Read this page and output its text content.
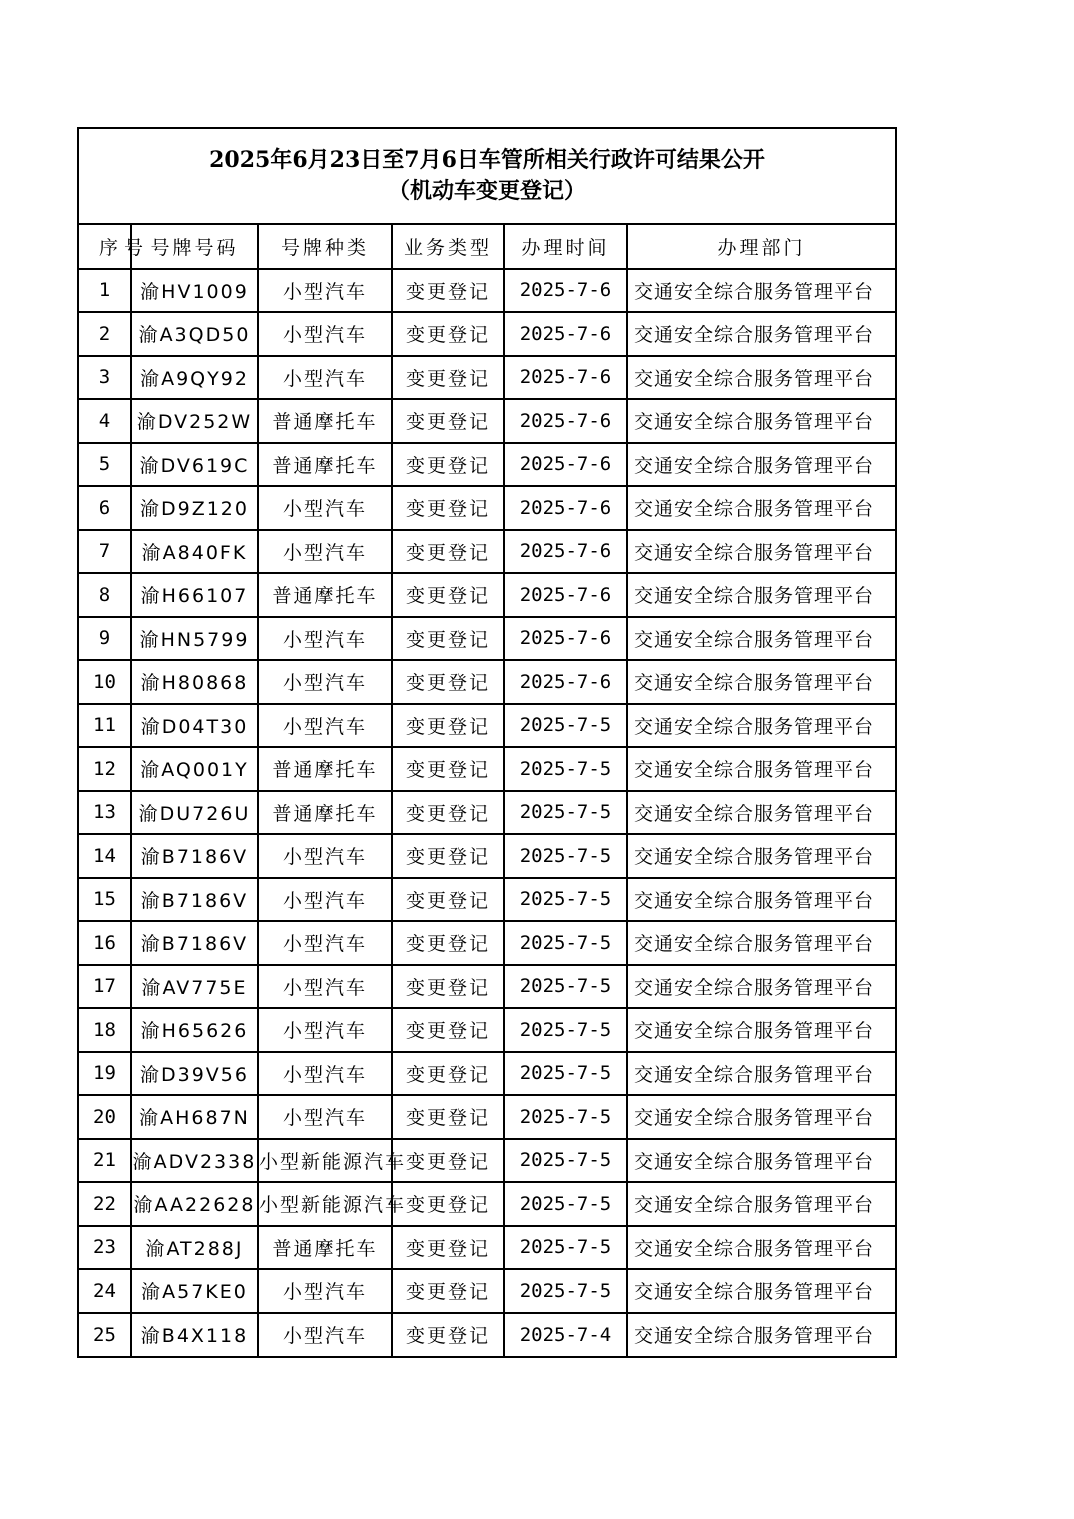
2025年6月23日至7月6日车管所相关行政许可结果公开
（机动车变更登记）
序号	号牌号码	号牌种类	业务类型	办理时间	办理部门
1	渝HV1009	小型汽车	变更登记	2025-7-6	交通安全综合服务管理平台
2	渝A3QD50	小型汽车	变更登记	2025-7-6	交通安全综合服务管理平台
3	渝A9QY92	小型汽车	变更登记	2025-7-6	交通安全综合服务管理平台
4	渝DV252W	普通摩托车	变更登记	2025-7-6	交通安全综合服务管理平台
5	渝DV619C	普通摩托车	变更登记	2025-7-6	交通安全综合服务管理平台
6	渝D9Z120	小型汽车	变更登记	2025-7-6	交通安全综合服务管理平台
7	渝A840FK	小型汽车	变更登记	2025-7-6	交通安全综合服务管理平台
8	渝H66107	普通摩托车	变更登记	2025-7-6	交通安全综合服务管理平台
9	渝HN5799	小型汽车	变更登记	2025-7-6	交通安全综合服务管理平台
10	渝H80868	小型汽车	变更登记	2025-7-6	交通安全综合服务管理平台
11	渝D04T30	小型汽车	变更登记	2025-7-5	交通安全综合服务管理平台
12	渝AQ001Y	普通摩托车	变更登记	2025-7-5	交通安全综合服务管理平台
13	渝DU726U	普通摩托车	变更登记	2025-7-5	交通安全综合服务管理平台
14	渝B7186V	小型汽车	变更登记	2025-7-5	交通安全综合服务管理平台
15	渝B7186V	小型汽车	变更登记	2025-7-5	交通安全综合服务管理平台
16	渝B7186V	小型汽车	变更登记	2025-7-5	交通安全综合服务管理平台
17	渝AV775E	小型汽车	变更登记	2025-7-5	交通安全综合服务管理平台
18	渝H65626	小型汽车	变更登记	2025-7-5	交通安全综合服务管理平台
19	渝D39V56	小型汽车	变更登记	2025-7-5	交通安全综合服务管理平台
20	渝AH687N	小型汽车	变更登记	2025-7-5	交通安全综合服务管理平台
21	渝ADV2338	小型新能源汽车	变更登记	2025-7-5	交通安全综合服务管理平台
22	渝AA22628	小型新能源汽车	变更登记	2025-7-5	交通安全综合服务管理平台
23	渝AT288J	普通摩托车	变更登记	2025-7-5	交通安全综合服务管理平台
24	渝A57KE0	小型汽车	变更登记	2025-7-5	交通安全综合服务管理平台
25	渝B4X118	小型汽车	变更登记	2025-7-4	交通安全综合服务管理平台
